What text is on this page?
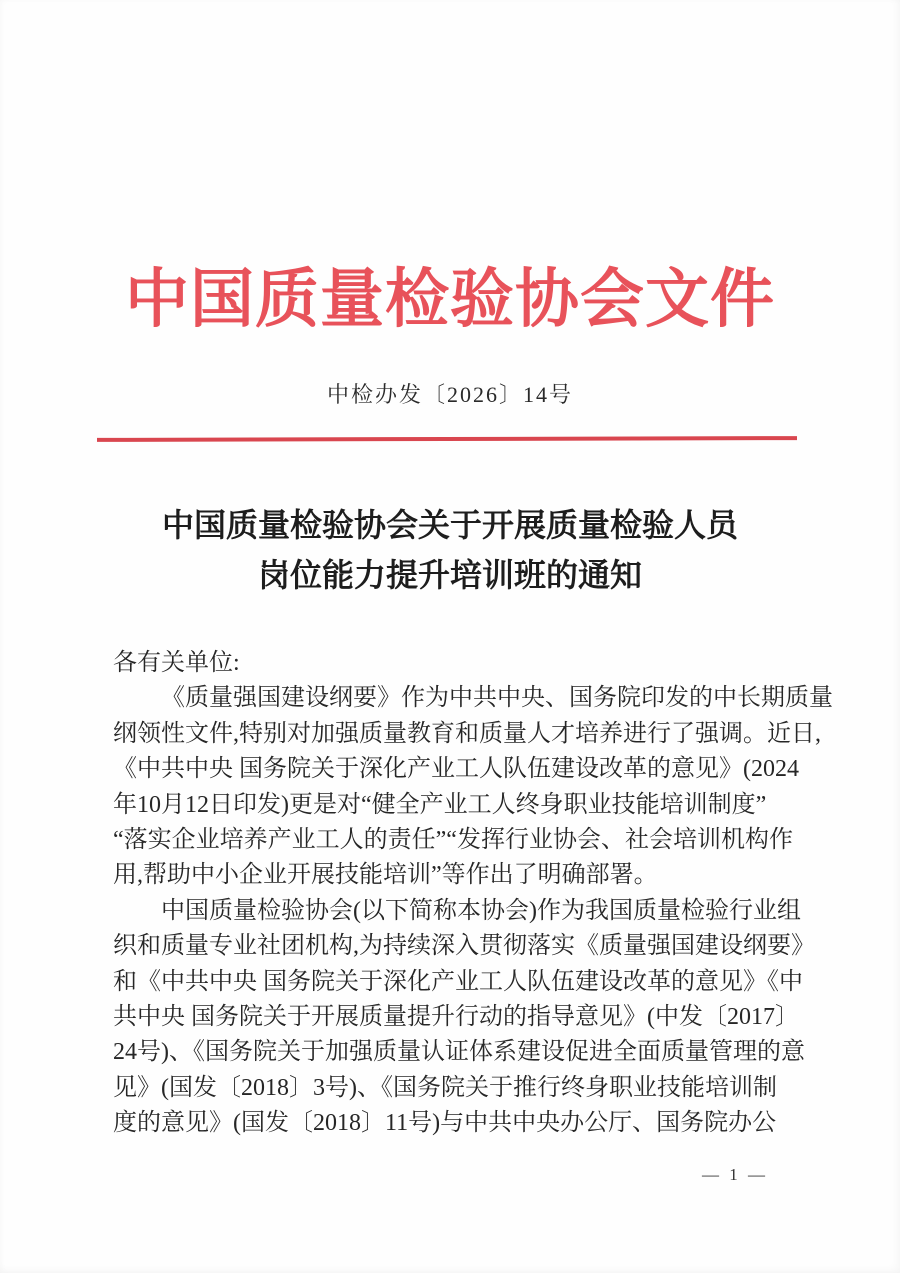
中国质量检验协会文件
中检办发〔2026〕14号
中国质量检验协会关于开展质量检验人员
岗位能力提升培训班的通知
各有关单位:
《质量强国建设纲要》作为中共中央、国务院印发的中长期质量
纲领性文件,特别对加强质量教育和质量人才培养进行了强调。近日,
《中共中央 国务院关于深化产业工人队伍建设改革的意见》(2024
年10月12日印发)更是对“健全产业工人终身职业技能培训制度”
“落实企业培养产业工人的责任”“发挥行业协会、社会培训机构作
用,帮助中小企业开展技能培训”等作出了明确部署。
中国质量检验协会(以下简称本协会)作为我国质量检验行业组
织和质量专业社团机构,为持续深入贯彻落实《质量强国建设纲要》
和《中共中央 国务院关于深化产业工人队伍建设改革的意见》《中
共中央 国务院关于开展质量提升行动的指导意见》(中发〔2017〕
24号)、《国务院关于加强质量认证体系建设促进全面质量管理的意
见》(国发〔2018〕3号)、《国务院关于推行终身职业技能培训制
度的意见》(国发〔2018〕11号)与中共中央办公厅、国务院办公
— 1 —
